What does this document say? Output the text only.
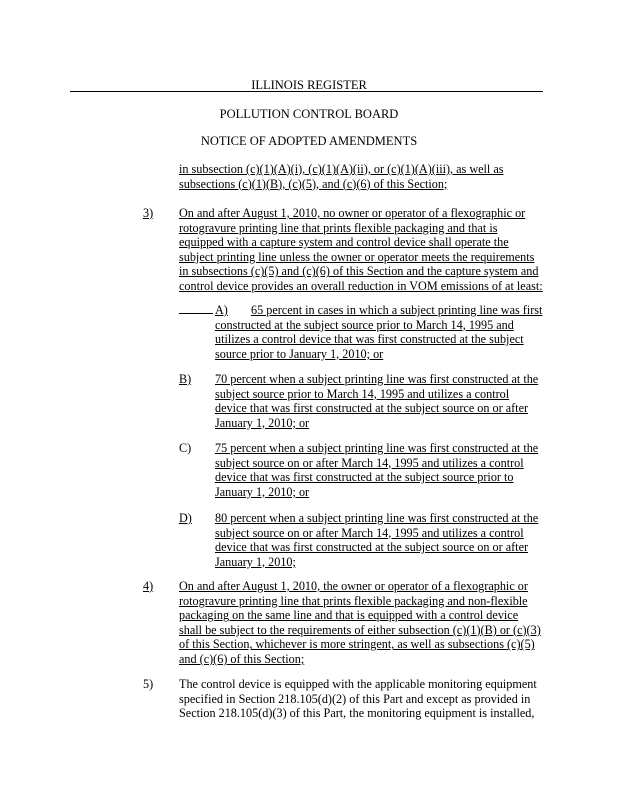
ILLINOIS REGISTER
POLLUTION CONTROL BOARD
NOTICE OF ADOPTED AMENDMENTS

in subsection (c)(1)(A)(i), (c)(1)(A)(ii), or (c)(1)(A)(iii), as well as subsections (c)(1)(B), (c)(5), and (c)(6) of this Section;

3) On and after August 1, 2010, no owner or operator of a flexographic or rotogravure printing line that prints flexible packaging and that is equipped with a capture system and control device shall operate the subject printing line unless the owner or operator meets the requirements in subsections (c)(5) and (c)(6) of this Section and the capture system and control device provides an overall reduction in VOM emissions of at least:

A)	65 percent in cases in which a subject printing line was first constructed at the subject source prior to March 14, 1995 and utilizes a control device that was first constructed at the subject source prior to January 1, 2010; or

B) 70 percent when a subject printing line was first constructed at the subject source prior to March 14, 1995 and utilizes a control device that was first constructed at the subject source on or after January 1, 2010; or

C) 75 percent when a subject printing line was first constructed at the subject source on or after March 14, 1995 and utilizes a control device that was first constructed at the subject source prior to January 1, 2010; or

D) 80 percent when a subject printing line was first constructed at the subject source on or after March 14, 1995 and utilizes a control device that was first constructed at the subject source on or after January 1, 2010;

4) On and after August 1, 2010, the owner or operator of a flexographic or rotogravure printing line that prints flexible packaging and non-flexible packaging on the same line and that is equipped with a control device shall be subject to the requirements of either subsection (c)(1)(B) or (c)(3) of this Section, whichever is more stringent, as well as subsections (c)(5) and (c)(6) of this Section;

5) The control device is equipped with the applicable monitoring equipment specified in Section 218.105(d)(2) of this Part and except as provided in Section 218.105(d)(3) of this Part, the monitoring equipment is installed,
